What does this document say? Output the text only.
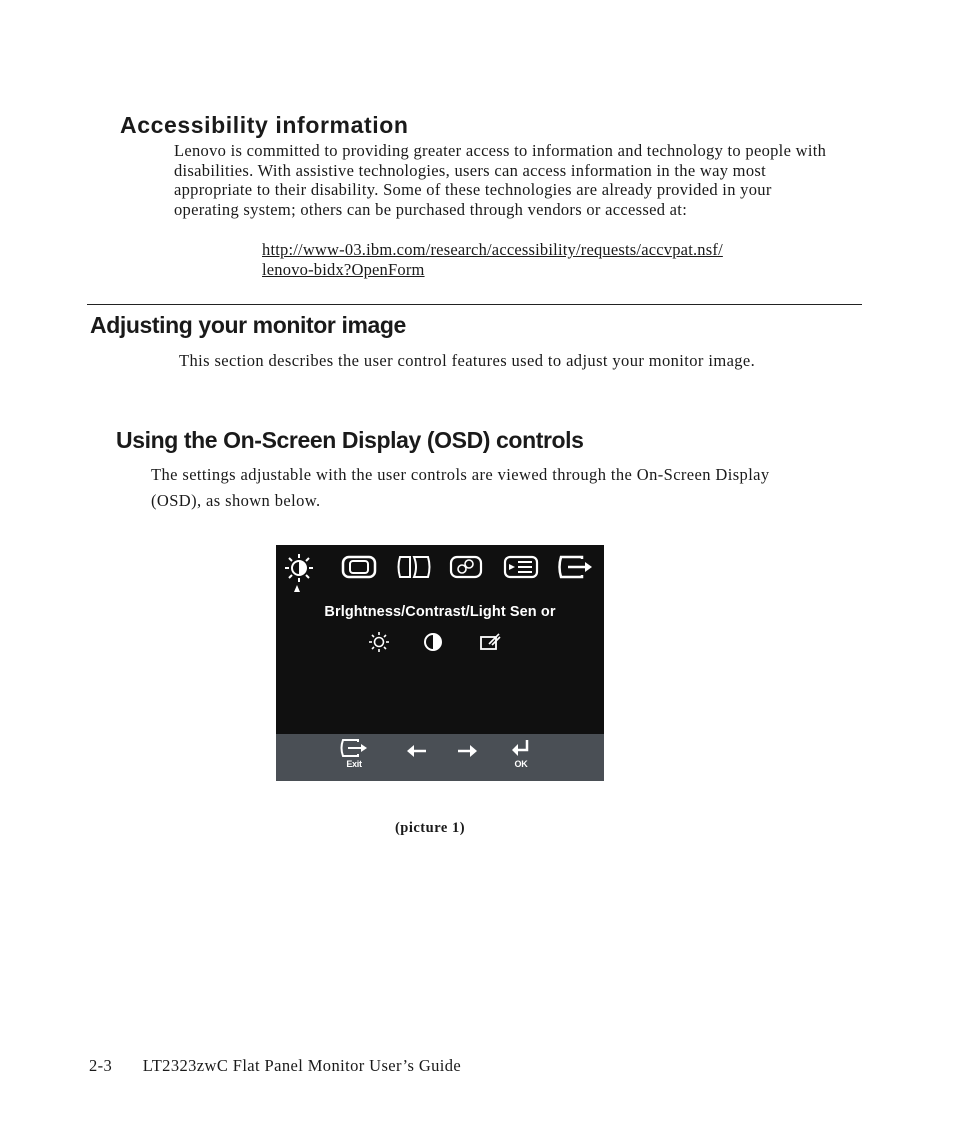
Accessibility information

Lenovo is committed to providing greater access to information and technology to people with disabilities. With assistive technologies, users can access information in the way most appropriate to their disability. Some of these technologies are already provided in your operating system; others can be purchased through vendors or accessed at:

http://www-03.ibm.com/research/accessibility/requests/accvpat.nsf/
lenovo-bidx?OpenForm
Adjusting your monitor image

This section describes the user control features used to adjust your monitor image.

Using the On-Screen Display (OSD) controls

The settings adjustable with the user controls are viewed through the On-Screen Display (OSD), as shown below.

Brlghtness/Contrast/Light Sen or
Exit	OK

(picture 1)

2-3 LT2323zwC Flat Panel Monitor User’s Guide
